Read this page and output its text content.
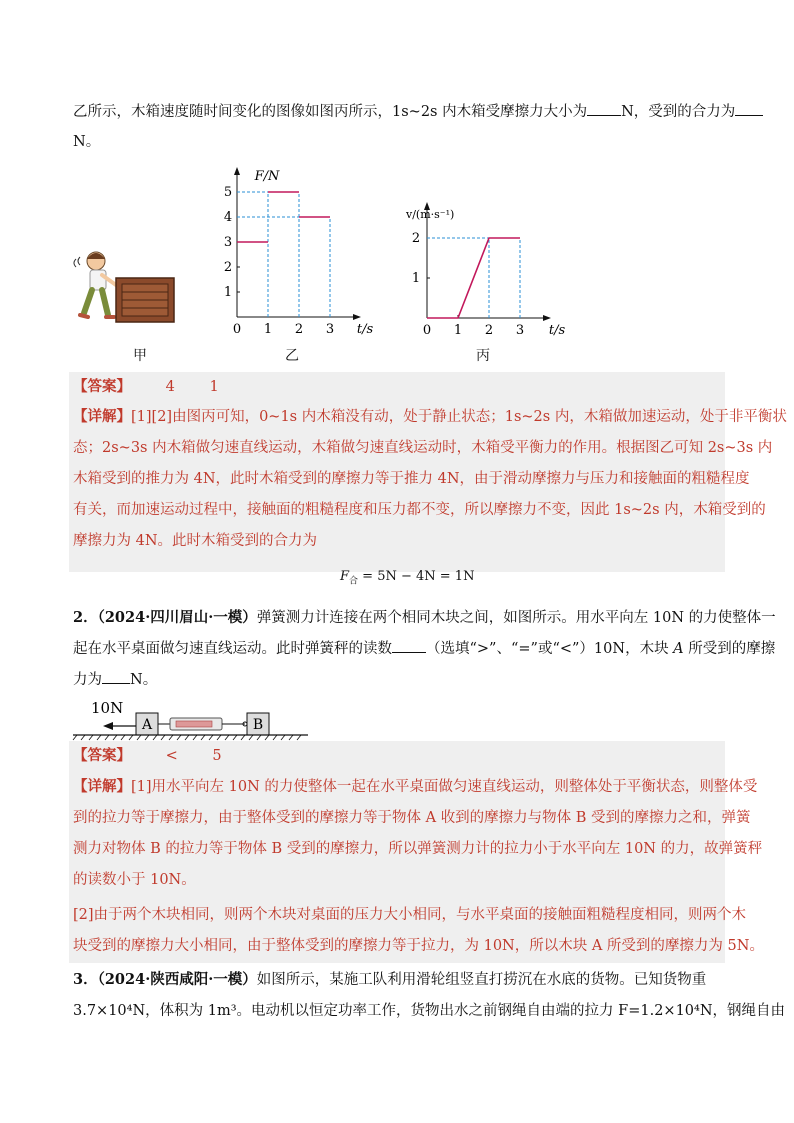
乙所示，木箱速度随时间变化的图像如图丙所示，1s~2s 内木箱受摩擦力大小为 N，受到的合力为
N。
甲
F/N
t/s
0 1 2 3
1
2
3
4
5
乙
v/(m·s⁻¹)
t/s
0 1 2 3
1
2
丙
【答案】 4 1
【详解】[1][2]由图丙可知，0~1s 内木箱没有动，处于静止状态；1s~2s 内，木箱做加速运动，处于非平衡状
态；2s~3s 内木箱做匀速直线运动，木箱做匀速直线运动时，木箱受平衡力的作用。根据图乙可知 2s~3s 内
木箱受到的推力为 4N，此时木箱受到的摩擦力等于推力 4N，由于滑动摩擦力与压力和接触面的粗糙程度
有关，而加速运动过程中，接触面的粗糙程度和压力都不变，所以摩擦力不变，因此 1s~2s 内，木箱受到的
摩擦力为 4N。此时木箱受到的合力为
$F_合 = 5N - 4N = 1N$
2．（2024·四川眉山·一模）弹簧测力计连接在两个相同木块之间，如图所示。用水平向左 10N 的力使整体一
起在水平桌面做匀速直线运动。此时弹簧秤的读数 （选填“>”、“=”或“<”）10N，木块 A 所受到的摩擦
力为 N。
10N
A	B
【答案】 < 5
【详解】[1]用水平向左 10N 的力使整体一起在水平桌面做匀速直线运动，则整体处于平衡状态，则整体受
到的拉力等于摩擦力，由于整体受到的摩擦力等于物体 A 收到的摩擦力与物体 B 受到的摩擦力之和，弹簧
测力对物体 B 的拉力等于物体 B 受到的摩擦力，所以弹簧测力计的拉力小于水平向左 10N 的力，故弹簧秤
的读数小于 10N。
[2]由于两个木块相同，则两个木块对桌面的压力大小相同，与水平桌面的接触面粗糙程度相同，则两个木
块受到的摩擦力大小相同，由于整体受到的摩擦力等于拉力，为 10N，所以木块 A 所受到的摩擦力为 5N。
3．（2024·陕西咸阳·一模）如图所示，某施工队利用滑轮组竖直打捞沉在水底的货物。已知货物重
3.7×10⁴N，体积为 1m³。电动机以恒定功率工作，货物出水之前钢绳自由端的拉力 F=1.2×10⁴N，钢绳自由
